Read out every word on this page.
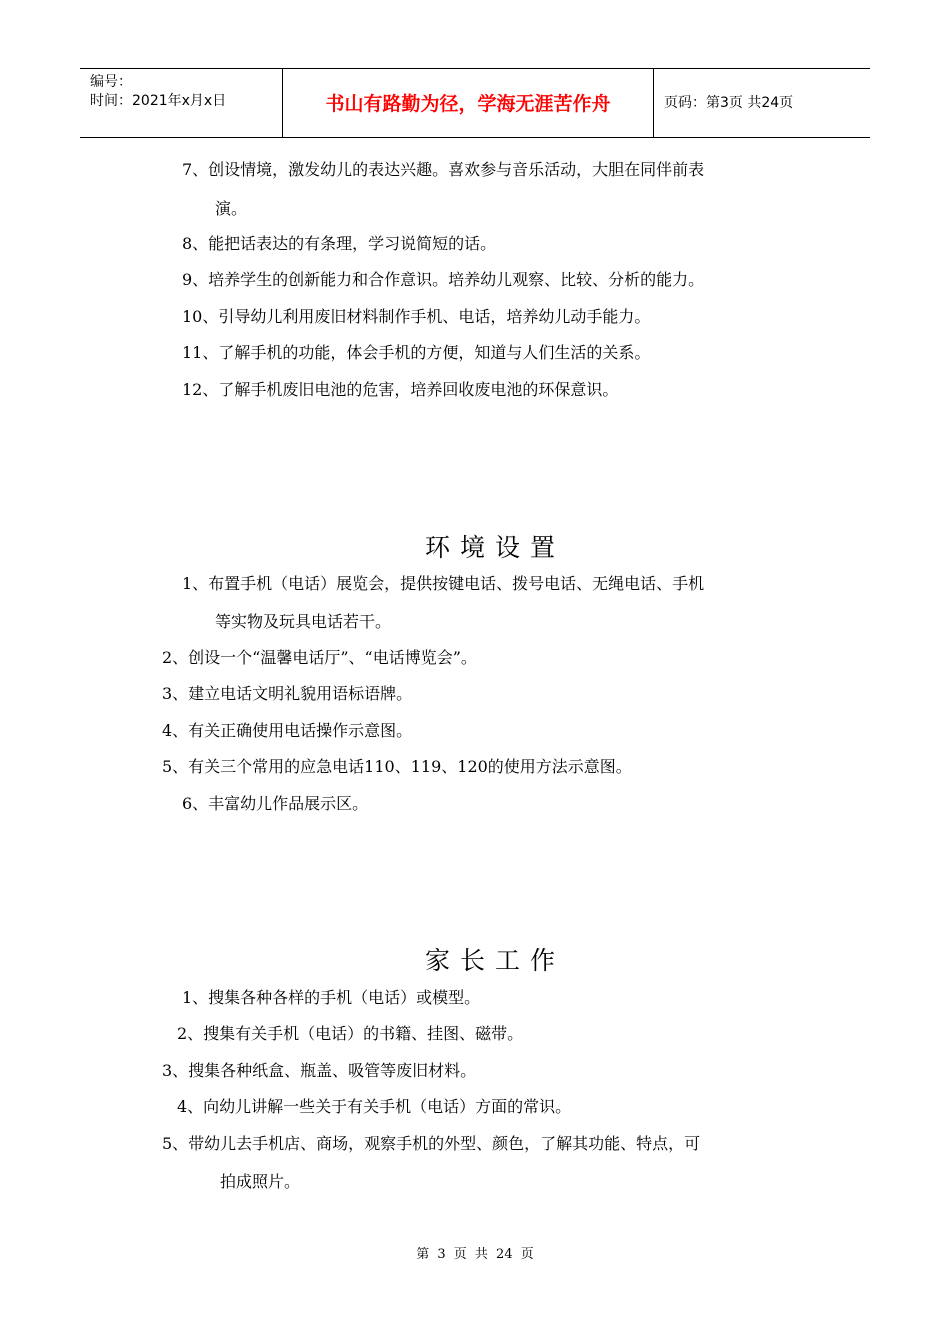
编号：
时间：2021年x月x日	书山有路勤为径，学海无涯苦作舟	页码：第3页 共24页
7、创设情境，激发幼儿的表达兴趣。喜欢参与音乐活动，大胆在同伴前表
演。
8、能把话表达的有条理，学习说简短的话。
9、培养学生的创新能力和合作意识。培养幼儿观察、比较、分析的能力。
10、引导幼儿利用废旧材料制作手机、电话，培养幼儿动手能力。
11、了解手机的功能，体会手机的方便，知道与人们生活的关系。
12、了解手机废旧电池的危害，培养回收废电池的环保意识。
环境设置
1、布置手机（电话）展览会，提供按键电话、拨号电话、无绳电话、手机
等实物及玩具电话若干。
2、创设一个“温馨电话厅”、“电话博览会”。
3、建立电话文明礼貌用语标语牌。
4、有关正确使用电话操作示意图。
5、有关三个常用的应急电话110、119、120的使用方法示意图。
6、丰富幼儿作品展示区。
家长工作
1、搜集各种各样的手机（电话）或模型。
2、搜集有关手机（电话）的书籍、挂图、磁带。
3、搜集各种纸盒、瓶盖、吸管等废旧材料。
4、向幼儿讲解一些关于有关手机（电话）方面的常识。
5、带幼儿去手机店、商场，观察手机的外型、颜色，了解其功能、特点，可
拍成照片。
第 3 页 共 24 页
